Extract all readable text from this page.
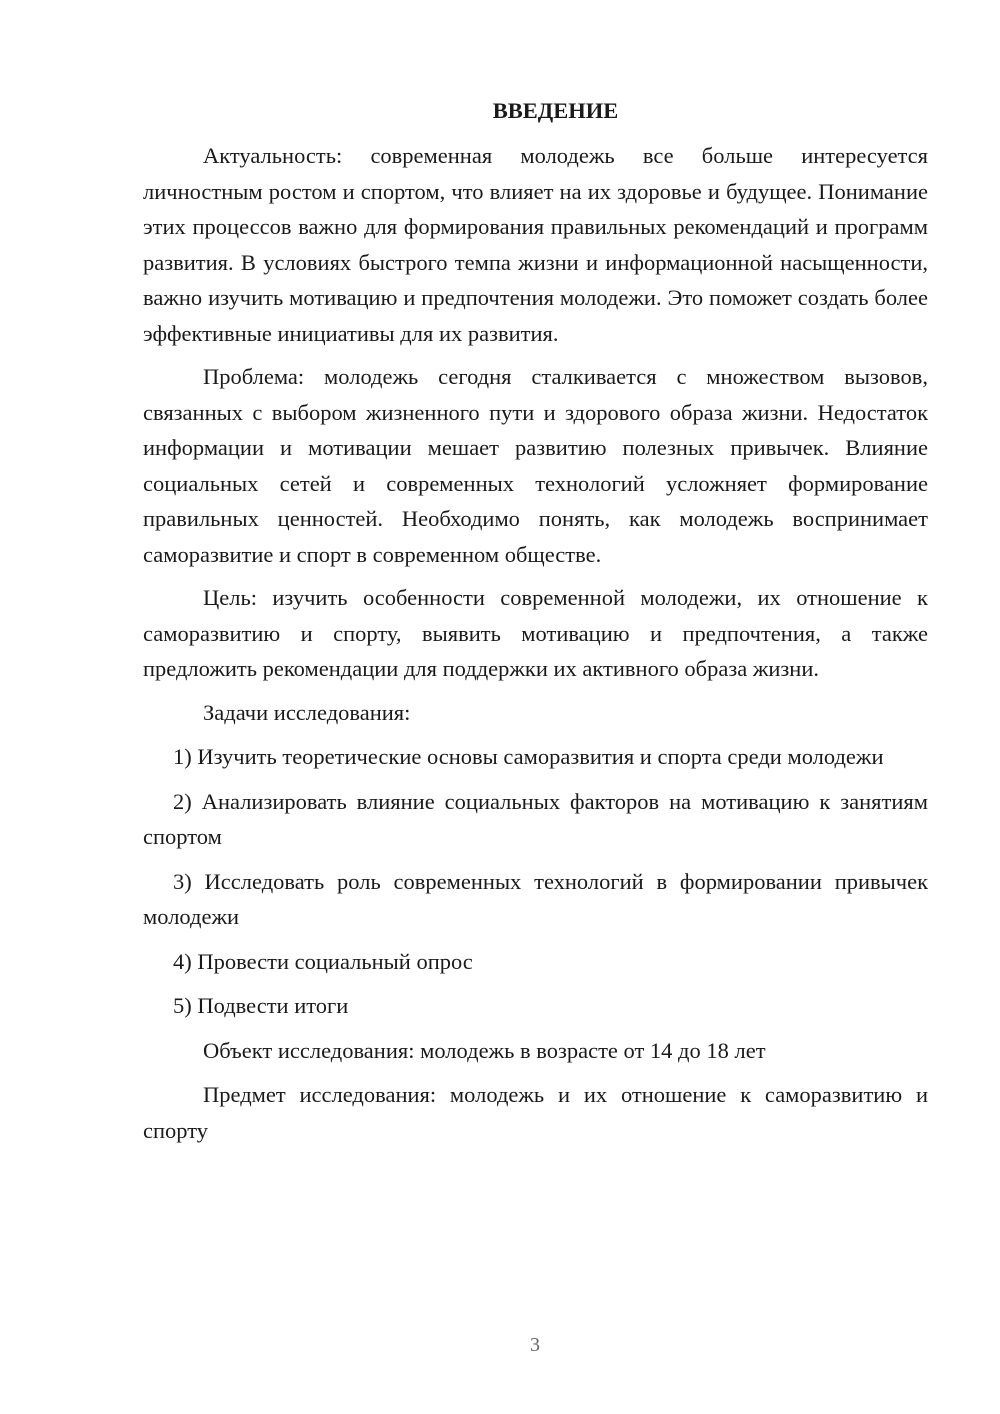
ВВЕДЕНИЕ

Актуальность: современная молодежь все больше интересуется личностным ростом и спортом, что влияет на их здоровье и будущее. Понимание этих процессов важно для формирования правильных рекомендаций и программ развития. В условиях быстрого темпа жизни и информационной насыщенности, важно изучить мотивацию и предпочтения молодежи. Это поможет создать более эффективные инициативы для их развития.

Проблема: молодежь сегодня сталкивается с множеством вызовов, связанных с выбором жизненного пути и здорового образа жизни. Недостаток информации и мотивации мешает развитию полезных привычек. Влияние социальных сетей и современных технологий усложняет формирование правильных ценностей. Необходимо понять, как молодежь воспринимает саморазвитие и спорт в современном обществе.

Цель: изучить особенности современной молодежи, их отношение к саморазвитию и спорту, выявить мотивацию и предпочтения, а также предложить рекомендации для поддержки их активного образа жизни.

Задачи исследования:

1) Изучить теоретические основы саморазвития и спорта среди молодежи

2) Анализировать влияние социальных факторов на мотивацию к занятиям спортом

3) Исследовать роль современных технологий в формировании привычек молодежи

4) Провести социальный опрос

5) Подвести итоги

Объект исследования: молодежь в возрасте от 14 до 18 лет

Предмет исследования: молодежь и их отношение к саморазвитию и спорту

3
